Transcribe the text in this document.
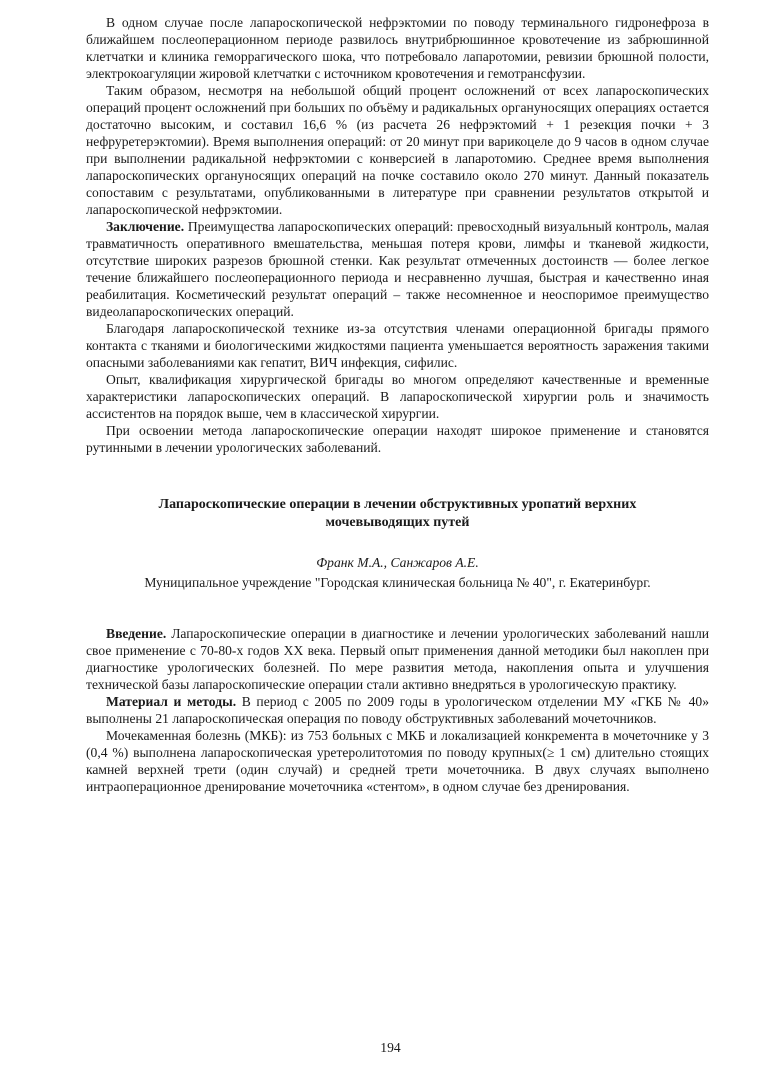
В одном случае после лапароскопической нефрэктомии по поводу терминального гидронефроза в ближайшем послеоперационном периоде развилось внутрибрюшинное кровотечение из забрюшинной клетчатки и клиника геморрагического шока, что потребовало лапаротомии, ревизии брюшной полости, электрокоагуляции жировой клетчатки с источником кровотечения и гемотрансфузии.

Таким образом, несмотря на небольшой общий процент осложнений от всех лапароскопических операций процент осложнений при больших по объёму и радикальных органуносящих операциях остается достаточно высоким, и составил 16,6 % (из расчета 26 нефрэктомий + 1 резекция почки + 3 нефруретерэктомии). Время выполнения операций: от 20 минут при варикоцеле до 9 часов в одном случае при выполнении радикальной нефрэктомии с конверсией в лапаротомию. Среднее время выполнения лапароскопических органуносящих операций на почке составило около 270 минут. Данный показатель сопоставим с результатами, опубликованными в литературе при сравнении результатов открытой и лапароскопической нефрэктомии.

Заключение. Преимущества лапароскопических операций: превосходный визуальный контроль, малая травматичность оперативного вмешательства, меньшая потеря крови, лимфы и тканевой жидкости, отсутствие широких разрезов брюшной стенки. Как результат отмеченных достоинств — более легкое течение ближайшего послеоперационного периода и несравненно лучшая, быстрая и качественно иная реабилитация. Косметический результат операций – также несомненное и неоспоримое преимущество видеолапароскопических операций.

Благодаря лапароскопической технике из-за отсутствия членами операционной бригады прямого контакта с тканями и биологическими жидкостями пациента уменьшается вероятность заражения такими опасными заболеваниями как гепатит, ВИЧ инфекция, сифилис.

Опыт, квалификация хирургической бригады во многом определяют качественные и временные характеристики лапароскопических операций. В лапароскопической хирургии роль и значимость ассистентов на порядок выше, чем в классической хирургии.

При освоении метода лапароскопические операции находят широкое применение и становятся рутинными в лечении урологических заболеваний.

Лапароскопические операции в лечении обструктивных уропатий верхних мочевыводящих путей
Франк М.А., Санжаров А.Е.
Муниципальное учреждение "Городская клиническая больница № 40", г. Екатеринбург.

Введение. Лапароскопические операции в диагностике и лечении урологических заболеваний нашли свое применение с 70-80-х годов XX века. Первый опыт применения данной методики был накоплен при диагностике урологических болезней. По мере развития метода, накопления опыта и улучшения технической базы лапароскопические операции стали активно внедряться в урологическую практику.

Материал и методы. В период с 2005 по 2009 годы в урологическом отделении МУ «ГКБ № 40» выполнены 21 лапароскопическая операция по поводу обструктивных заболеваний мочеточников.

Мочекаменная болезнь (МКБ): из 753 больных с МКБ и локализацией конкремента в мочеточнике у 3 (0,4 %) выполнена лапароскопическая уретеролитотомия по поводу крупных(≥ 1 см) длительно стоящих камней верхней трети (один случай) и средней трети мочеточника. В двух случаях выполнено интраоперационное дренирование мочеточника «стентом», в одном случае без дренирования.

194
